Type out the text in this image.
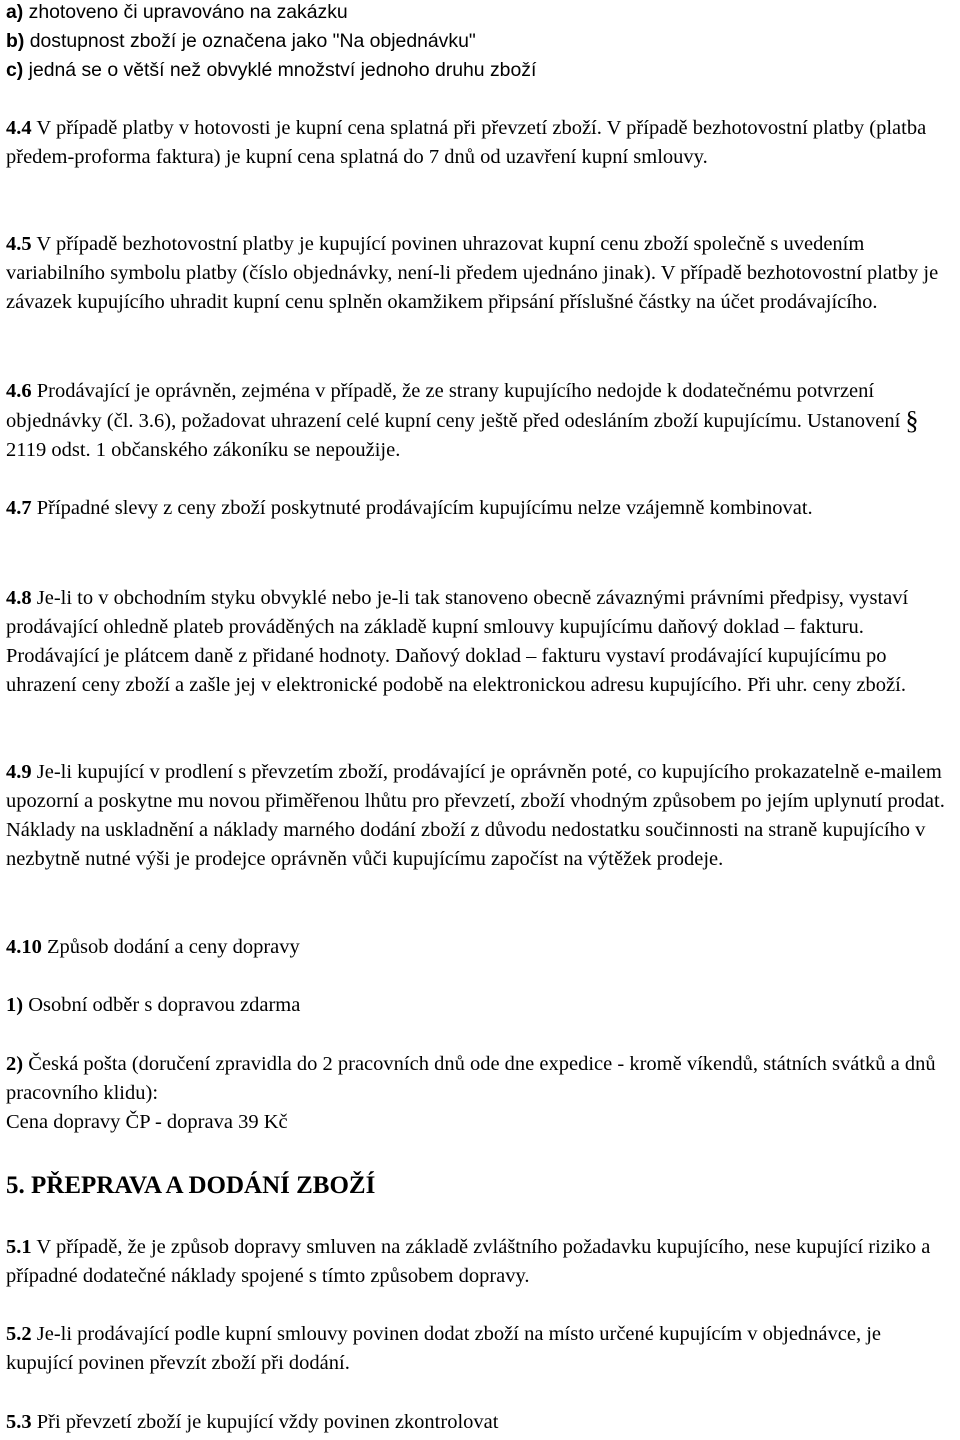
a) zhotoveno či upravováno na zakázku

b) dostupnost zboží je označena jako "Na objednávku"

c) jedná se o větší než obvyklé množství jednoho druhu zboží

4.4 V případě platby v hotovosti je kupní cena splatná při převzetí zboží. V případě bezhotovostní platby (platba předem-proforma faktura) je kupní cena splatná do 7 dnů od uzavření kupní smlouvy.

4.5 V případě bezhotovostní platby je kupující povinen uhrazovat kupní cenu zboží společně s uvedením variabilního symbolu platby (číslo objednávky, není-li předem ujednáno jinak). V případě bezhotovostní platby je závazek kupujícího uhradit kupní cenu splněn okamžikem připsání příslušné částky na účet prodávajícího.

4.6 Prodávající je oprávněn, zejména v případě, že ze strany kupujícího nedojde k dodatečnému potvrzení objednávky (čl. 3.6), požadovat uhrazení celé kupní ceny ještě před odesláním zboží kupujícímu. Ustanovení § 2119 odst. 1 občanského zákoníku se nepoužije.

4.7 Případné slevy z ceny zboží poskytnuté prodávajícím kupujícímu nelze vzájemně kombinovat.

4.8 Je-li to v obchodním styku obvyklé nebo je-li tak stanoveno obecně závaznými právními předpisy, vystaví prodávající ohledně plateb prováděných na základě kupní smlouvy kupujícímu daňový doklad – fakturu. Prodávající je plátcem daně z přidané hodnoty. Daňový doklad – fakturu vystaví prodávající kupujícímu po uhrazení ceny zboží a zašle jej v elektronické podobě na elektronickou adresu kupujícího. Při uhr. ceny zboží.

4.9 Je-li kupující v prodlení s převzetím zboží, prodávající je oprávněn poté, co kupujícího prokazatelně e-mailem upozorní a poskytne mu novou přiměřenou lhůtu pro převzetí, zboží vhodným způsobem po jejím uplynutí prodat. Náklady na uskladnění a náklady marného dodání zboží z důvodu nedostatku součinnosti na straně kupujícího v nezbytně nutné výši je prodejce oprávněn vůči kupujícímu započíst na výtěžek prodeje.

4.10 Způsob dodání a ceny dopravy

1) Osobní odběr s dopravou zdarma

2) Česká pošta (doručení zpravidla do 2 pracovních dnů ode dne expedice - kromě víkendů, státních svátků a dnů pracovního klidu):
Cena dopravy ČP - doprava 39 Kč

5. PŘEPRAVA A DODÁNÍ ZBOŽÍ

5.1 V případě, že je způsob dopravy smluven na základě zvláštního požadavku kupujícího, nese kupující riziko a případné dodatečné náklady spojené s tímto způsobem dopravy.

5.2 Je-li prodávající podle kupní smlouvy povinen dodat zboží na místo určené kupujícím v objednávce, je kupující povinen převzít zboží při dodání.

5.3 Při převzetí zboží je kupující vždy povinen zkontrolovat
